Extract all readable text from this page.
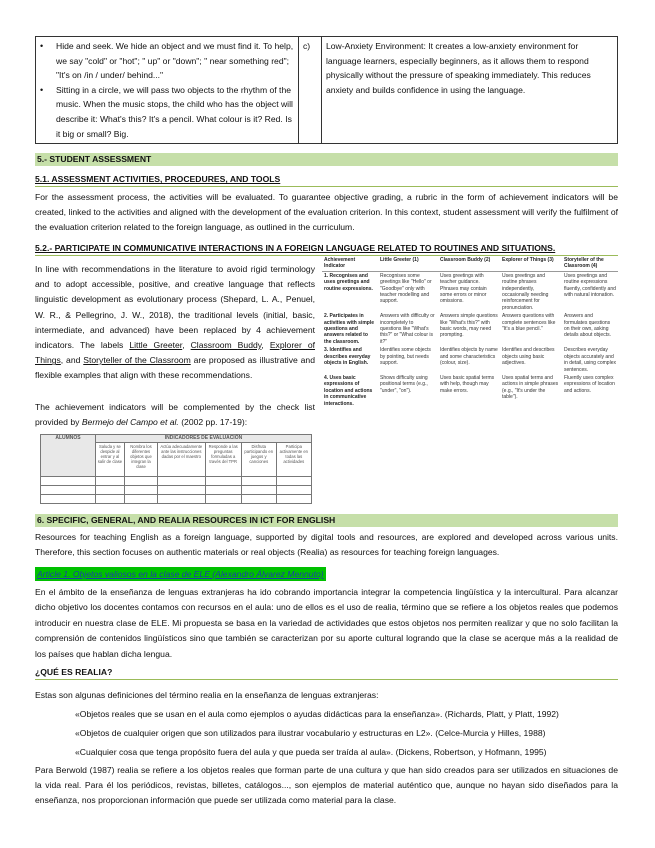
•	Hide and seek. We hide an object and we must find it. To help, we say "cold" or "hot"; " up" or "down"; " near something red"; "It's on /in / under/ behind..."
•	Sitting in a circle, we will pass two objects to the rhythm of the music. When the music stops, the child who has the object will describe it: What's this? It's a pencil. What colour is it? Red. Is it big or small? Big.
	c)	Low-Anxiety Environment: It creates a low-anxiety environment for language learners, especially beginners, as it allows them to respond physically without the pressure of speaking immediately. This reduces anxiety and builds confidence in using the language.
5.- STUDENT ASSESSMENT
5.1. ASSESSMENT ACTIVITIES, PROCEDURES, AND TOOLS
For the assessment process, the activities will be evaluated. To guarantee objective grading, a rubric in the form of achievement indicators will be created, linked to the activities and aligned with the development of the evaluation criterion. In this context, student assessment will verify the fulfilment of the evaluation criterion related to the foreign language, as outlined in the curriculum.
5.2.- PARTICIPATE IN COMMUNICATIVE INTERACTIONS IN A FOREIGN LANGUAGE RELATED TO ROUTINES AND SITUATIONS.
In line with recommendations in the literature to avoid rigid terminology and to adopt accessible, positive, and creative language that reflects linguistic development as evolutionary process (Shepard, L. A., Penuel, W. R., & Pellegrino, J. W., 2018), the traditional levels (initial, basic, intermediate, and advanced) have been replaced by 4 achievement indicators. The labels Little Greeter, Classroom Buddy, Explorer of Things, and Storyteller of the Classroom are proposed as illustrative and flexible examples that align with these recommendations.
The achievement indicators will be complemented by the check list provided by Bermejo del Campo et al. (2002 pp. 17-19):
Achievement Indicator	Little Greeter (1)	Classroom Buddy (2)	Explorer of Things (3)	Storyteller of the Classroom (4)
1. Recognises and uses greetings and routine expressions.	Recognises some greetings like "Hello" or "Goodbye" only with teacher modelling and support.	Uses greetings with teacher guidance. Phrases may contain some errors or minor omissions.	Uses greetings and routine phrases independently, occasionally needing reinforcement for pronunciation.	Uses greetings and routine expressions fluently, confidently and with natural intonation.
2. Participates in activities with simple questions and answers related to the classroom.	Answers with difficulty or incompletely to questions like "What's this?" or "What colour is it?"	Answers simple questions like "What's this?" with basic words, may need prompting.	Answers questions with complete sentences like "It's a blue pencil."	Answers and formulates questions on their own, asking details about objects.
3. Identifies and describes everyday objects in English.	Identifies some objects by pointing, but needs support.	Identifies objects by name and some characteristics (colour, size).	Identifies and describes objects using basic adjectives.	Describes everyday objects accurately and in detail, using complex sentences.
4. Uses basic expressions of location and actions in communicative interactions.	Shows difficulty using positional terms (e.g., "under", "on").	Uses basic spatial terms with help, though may make errors.	Uses spatial terms and actions in simple phrases (e.g., "It's under the table").	Fluently uses complex expressions of location and actions.
ALUMNOS	INDICADORES DE EVALUACIÓN					
	Saluda y se despide al entrar y al salir de clase	Nombra los diferentes objetos que integran la clase	Actúa adecuadamente ante las instrucciones dadas por el maestro	Responde a las preguntas formuladas a través del TPR	Disfruta participando en juegos y canciones	Participa activamente en todas las actividades

6. SPECIFIC, GENERAL, AND REALIA RESOURCES IN ICT FOR ENGLISH
Resources for teaching English as a foreign language, supported by digital tools and resources, are explored and developed across various units. Therefore, this section focuses on authentic materials or real objects (Realia) as resources for teaching foreign languages.
Article 1. Objetos valiosos en la clase de ELE (Alexandro Álvarez Mennuto)
En el ámbito de la enseñanza de lenguas extranjeras ha ido cobrando importancia integrar la competencia lingüística y la intercultural. Para alcanzar dicho objetivo los docentes contamos con recursos en el aula: uno de ellos es el uso de realia, término que se refiere a los objetos reales que podemos introducir en nuestra clase de ELE. Mi propuesta se basa en la variedad de actividades que estos objetos nos permiten realizar y que no solo facilitan la comprensión de contenidos lingüísticos sino que también se caracterizan por su aporte cultural logrando que la clase se acerque más a la realidad de los países que hablan dicha lengua.
¿QUÉ ES REALIA?
Estas son algunas definiciones del término realia en la enseñanza de lenguas extranjeras:
«Objetos reales que se usan en el aula como ejemplos o ayudas didácticas para la enseñanza». (Richards, Platt, y Platt, 1992)
«Objetos de cualquier origen que son utilizados para ilustrar vocabulario y estructuras en L2». (Celce-Murcia y Hilles, 1988)
«Cualquier cosa que tenga propósito fuera del aula y que pueda ser traída al aula». (Dickens, Robertson, y Hofmann, 1995)
Para Berwold (1987) realia se refiere a los objetos reales que forman parte de una cultura y que han sido creados para ser utilizados en situaciones de la vida real. Para él los periódicos, revistas, billetes, catálogos..., son ejemplos de material auténtico que, aunque no hayan sido diseñados para la enseñanza, nos proporcionan información que puede ser utilizada como material para la clase.
